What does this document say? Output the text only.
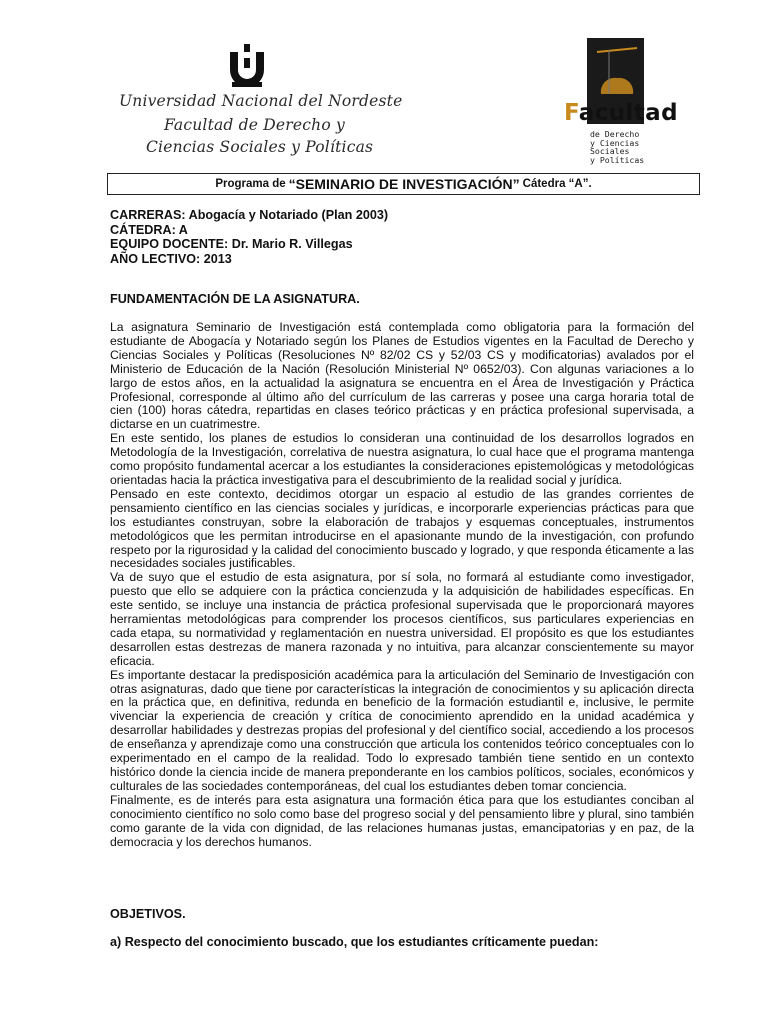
Universidad Nacional del Nordeste
Facultad de Derecho y
Ciencias Sociales y Políticas
Facultad
de Derecho
y Ciencias
Sociales
y Políticas
Programa de “SEMINARIO DE INVESTIGACIÓN” Cátedra “A”.
CARRERAS: Abogacía y Notariado (Plan 2003)
CÁTEDRA: A
EQUIPO DOCENTE: Dr. Mario R. Villegas
AÑO LECTIVO: 2013
FUNDAMENTACIÓN DE LA ASIGNATURA.

La asignatura Seminario de Investigación está contemplada como obligatoria para la formación del estudiante de Abogacía y Notariado según los Planes de Estudios vigentes en la Facultad de Derecho y Ciencias Sociales y Políticas (Resoluciones Nº 82/02 CS y 52/03 CS y modificatorias) avalados por el Ministerio de Educación de la Nación (Resolución Ministerial Nº 0652/03). Con algunas variaciones a lo largo de estos años, en la actualidad la asignatura se encuentra en el Área de Investigación y Práctica Profesional, corresponde al último año del currículum de las carreras y posee una carga horaria total de cien (100) horas cátedra, repartidas en clases teórico prácticas y en práctica profesional supervisada, a dictarse en un cuatrimestre.

En este sentido, los planes de estudios lo consideran una continuidad de los desarrollos logrados en Metodología de la Investigación, correlativa de nuestra asignatura, lo cual hace que el programa mantenga como propósito fundamental acercar a los estudiantes la consideraciones epistemológicas y metodológicas orientadas hacia la práctica investigativa para el descubrimiento de la realidad social y jurídica.

Pensado en este contexto, decidimos otorgar un espacio al estudio de las grandes corrientes de pensamiento científico en las ciencias sociales y jurídicas, e incorporarle experiencias prácticas para que los estudiantes construyan, sobre la elaboración de trabajos y esquemas conceptuales, instrumentos metodológicos que les permitan introducirse en el apasionante mundo de la investigación, con profundo respeto por la rigurosidad y la calidad del conocimiento buscado y logrado, y que responda éticamente a las necesidades sociales justificables.

Va de suyo que el estudio de esta asignatura, por sí sola, no formará al estudiante como investigador, puesto que ello se adquiere con la práctica concienzuda y la adquisición de habilidades específicas. En este sentido, se incluye una instancia de práctica profesional supervisada que le proporcionará mayores herramientas metodológicas para comprender los procesos científicos, sus particulares experiencias en cada etapa, su normatividad y reglamentación en nuestra universidad. El propósito es que los estudiantes desarrollen estas destrezas de manera razonada y no intuitiva, para alcanzar conscientemente su mayor eficacia.

Es importante destacar la predisposición académica para la articulación del Seminario de Investigación con otras asignaturas, dado que tiene por características la integración de conocimientos y su aplicación directa en la práctica que, en definitiva, redunda en beneficio de la formación estudiantil e, inclusive, le permite vivenciar la experiencia de creación y crítica de conocimiento aprendido en la unidad académica y desarrollar habilidades y destrezas propias del profesional y del científico social, accediendo a los procesos de enseñanza y aprendizaje como una construcción que articula los contenidos teórico conceptuales con lo experimentado en el campo de la realidad. Todo lo expresado también tiene sentido en un contexto histórico donde la ciencia incide de manera preponderante en los cambios políticos, sociales, económicos y culturales de las sociedades contemporáneas, del cual los estudiantes deben tomar conciencia.

Finalmente, es de interés para esta asignatura una formación ética para que los estudiantes conciban al conocimiento científico no solo como base del progreso social y del pensamiento libre y plural, sino también como garante de la vida con dignidad, de las relaciones humanas justas, emancipatorias y en paz, de la democracia y los derechos humanos.

OBJETIVOS.
a) Respecto del conocimiento buscado, que los estudiantes críticamente puedan:
